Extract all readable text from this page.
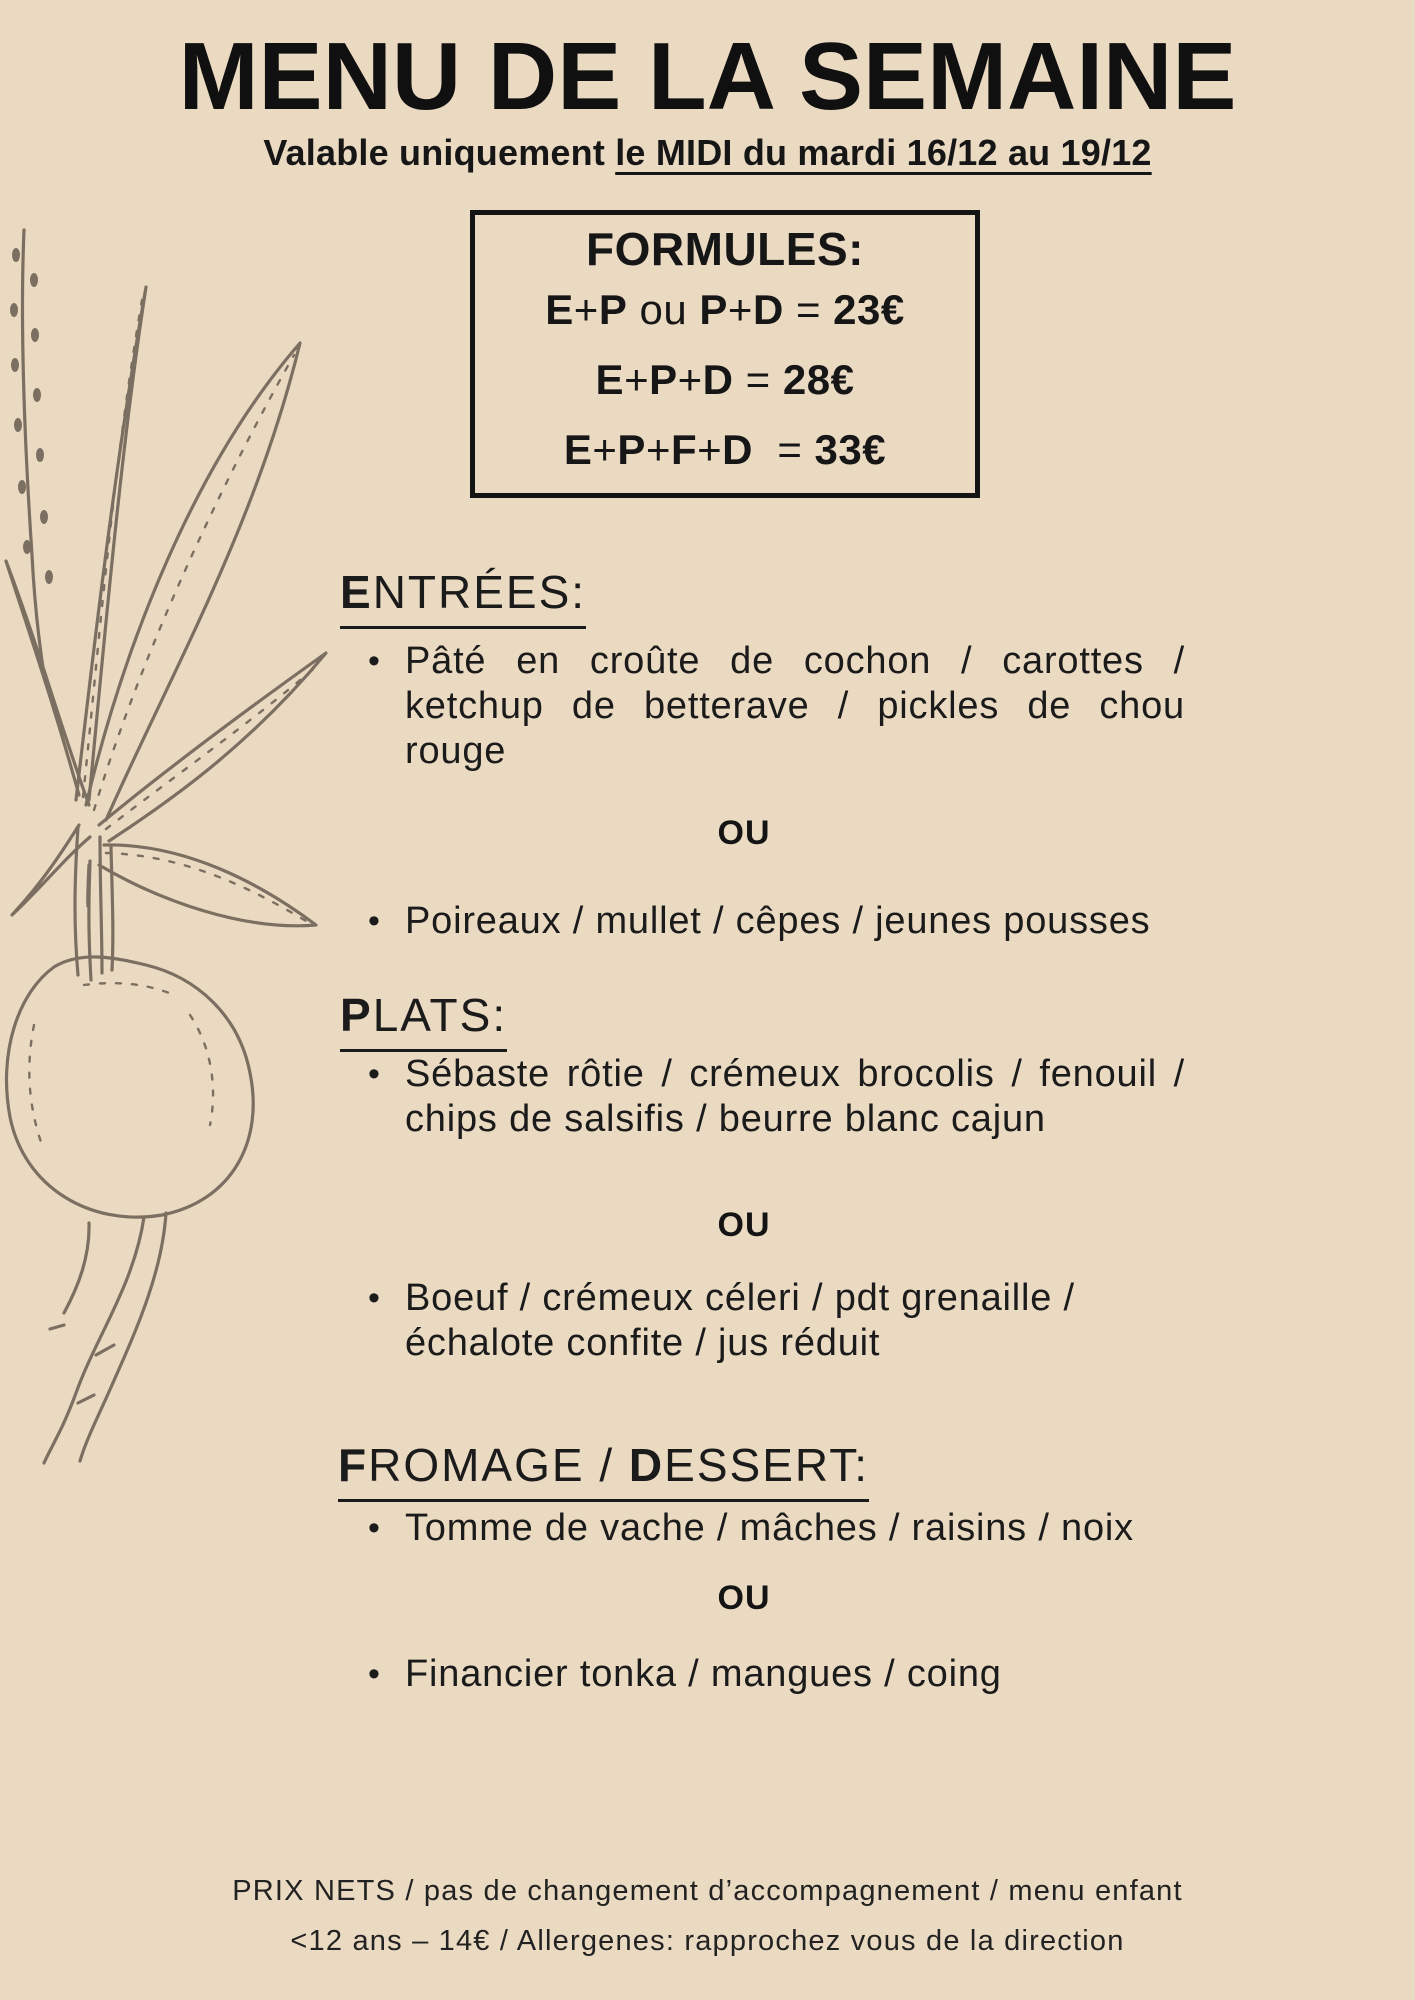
MENU DE LA SEMAINE
Valable uniquement le MIDI du mardi 16/12 au 19/12
FORMULES:
E+P ou P+D = 23€
E+P+D = 28€
E+P+F+D  = 33€
ENTRÉES:
• Pâté en croûte de cochon / carottes /
ketchup de betterave / pickles de chou
rouge
OU
• Poireaux / mullet / cêpes / jeunes pousses
PLATS:
• Sébaste rôtie / crémeux brocolis / fenouil /
chips de salsifis / beurre blanc cajun
OU
• Boeuf / crémeux céleri / pdt grenaille /
échalote confite / jus réduit
FROMAGE / DESSERT:
• Tomme de vache / mâches / raisins / noix
OU
• Financier tonka / mangues / coing
PRIX NETS / pas de changement d’accompagnement / menu enfant
<12 ans – 14€ / Allergenes: rapprochez vous de la direction
